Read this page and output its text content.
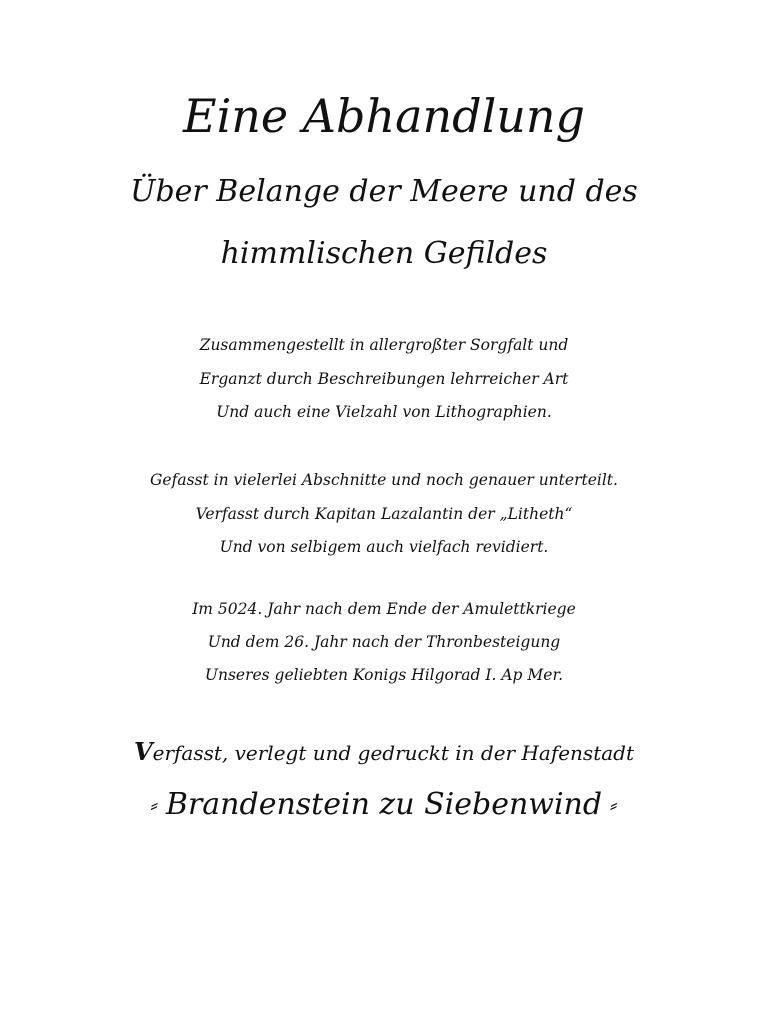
Eine Abhandlung
Über Belange der Meere und des
himmlischen Gefildes
Zusammengestellt in allergroßter Sorgfalt und
Erganzt durch Beschreibungen lehrreicher Art
Und auch eine Vielzahl von Lithographien.
Gefasst in vielerlei Abschnitte und noch genauer unterteilt.
Verfasst durch Kapitan Lazalantin der „Litheth“
Und von selbigem auch vielfach revidiert.
Im 5024. Jahr nach dem Ende der Amulettkriege
Und dem 26. Jahr nach der Thronbesteigung
Unseres geliebten Konigs Hilgorad I. Ap Mer.
Verfasst, verlegt und gedruckt in der Hafenstadt
⸗ Brandenstein zu Siebenwind ⸗
